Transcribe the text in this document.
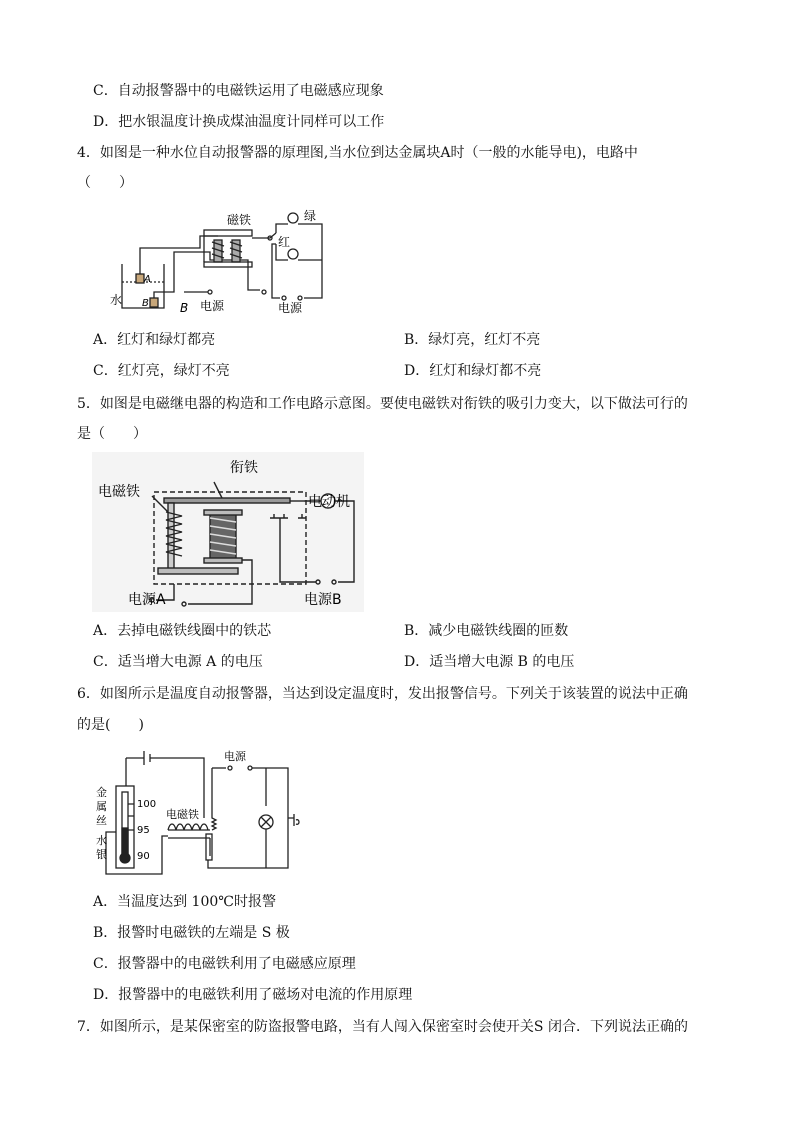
C．自动报警器中的电磁铁运用了电磁感应现象
D．把水银温度计换成煤油温度计同样可以工作
4．如图是一种水位自动报警器的原理图,当水位到达金属块A时（一般的水能导电)，电路中
（　　）
磁铁	绿
红
A
B	B
水	电源	电源
A．红灯和绿灯都亮	B．绿灯亮，红灯不亮
C．红灯亮，绿灯不亮	D．红灯和绿灯都不亮
5．如图是电磁继电器的构造和工作电路示意图。要使电磁铁对衔铁的吸引力变大，以下做法可行的
是（　　）
衔铁
电磁铁
电动机
电源A	电源B
A．去掉电磁铁线圈中的铁芯	B．减少电磁铁线圈的匝数
C．适当增大电源 A 的电压	D．适当增大电源 B 的电压
6．如图所示是温度自动报警器，当达到设定温度时，发出报警信号。下列关于该装置的说法中正确
的是(　　)
电源
金
属
丝
水
银
100
95
90
电磁铁
A．当温度达到 100℃时报警
B．报警时电磁铁的左端是 S 极
C．报警器中的电磁铁利用了电磁感应原理
D．报警器中的电磁铁利用了磁场对电流的作用原理
7．如图所示，是某保密室的防盗报警电路，当有人闯入保密室时会使开关S 闭合．下列说法正确的
